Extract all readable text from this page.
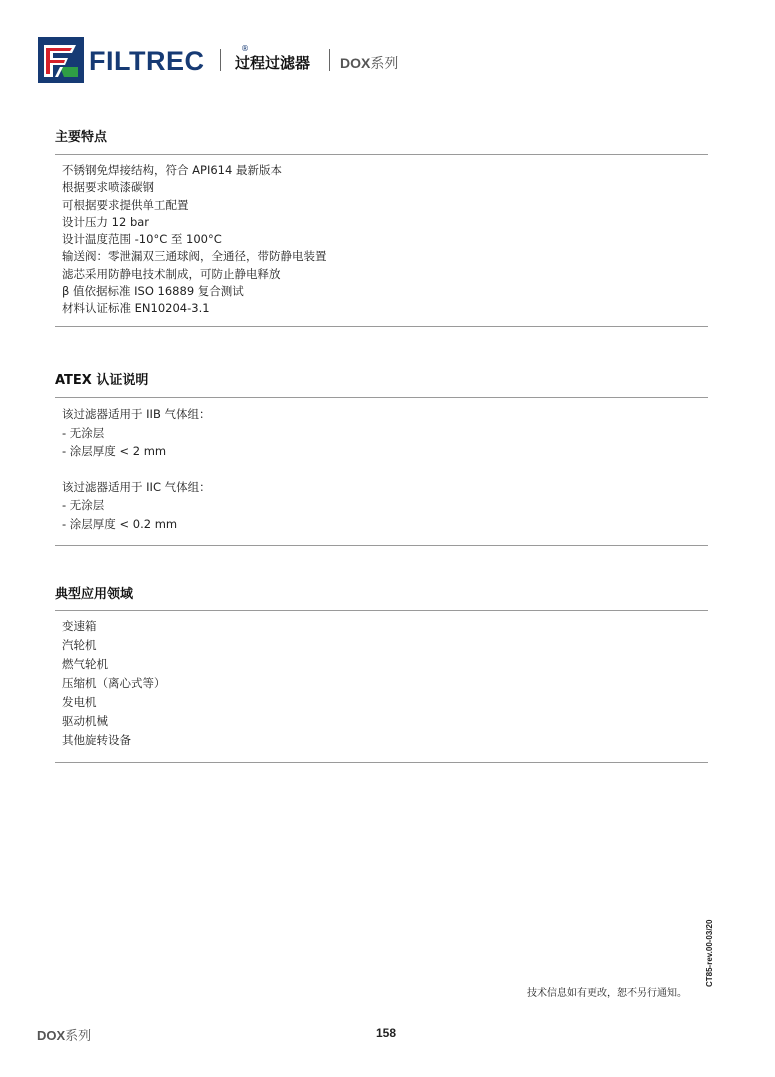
FILTREC	®
过程过滤器 DOX系列
主要特点
不锈钢免焊接结构，符合 API614 最新版本
根据要求喷漆碳钢
可根据要求提供单工配置
设计压力 12 bar
设计温度范围 -10°C 至 100°C
输送阀：零泄漏双三通球阀，全通径，带防静电装置
滤芯采用防静电技术制成，可防止静电释放
β 值依据标准 ISO 16889 复合测试
材料认证标准 EN10204-3.1
ATEX 认证说明
该过滤器适用于 IIB 气体组：
- 无涂层
- 涂层厚度 < 2 mm
该过滤器适用于 IIC 气体组：
- 无涂层
- 涂层厚度 < 0.2 mm
典型应用领域
变速箱
汽轮机
燃气轮机
压缩机（离心式等）
发电机
驱动机械
其他旋转设备
技术信息如有更改，恕不另行通知。
CT85-rev.00-03/20
DOX系列	158
